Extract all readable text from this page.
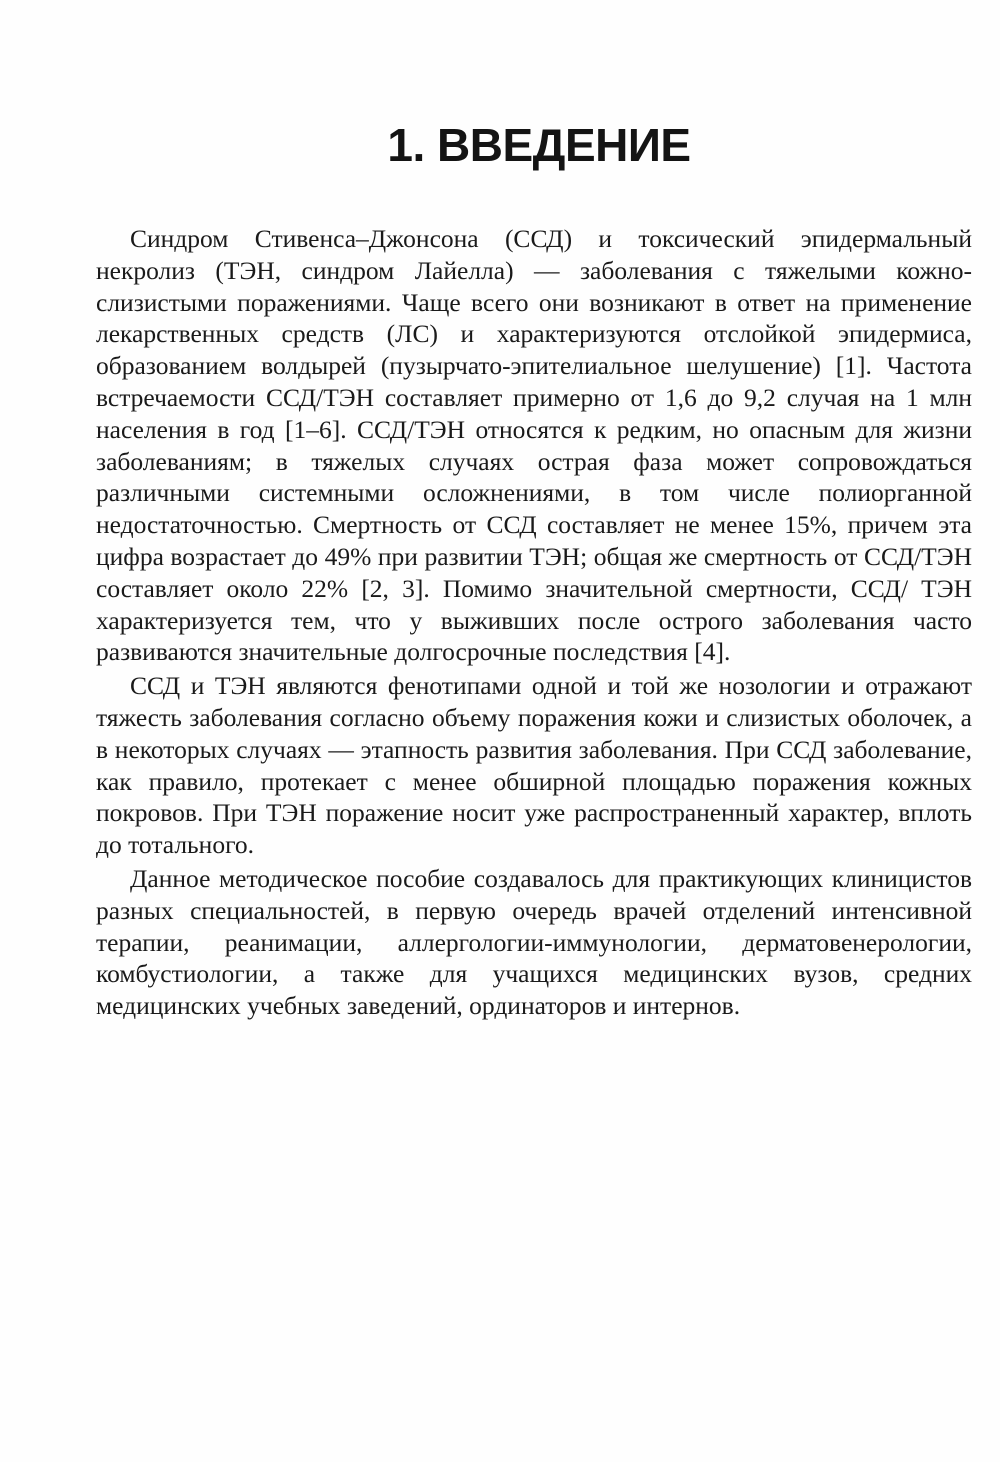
1. ВВЕДЕНИЕ

Синдром Стивенса–Джонсона (ССД) и токсический эпидермальный некролиз (ТЭН, синдром Лайелла) — заболевания с тяжелыми кожно-слизистыми поражениями. Чаще всего они возникают в ответ на применение лекарственных средств (ЛС) и характеризуются отслойкой эпидермиса, образованием волдырей (пузырчато-эпителиальное шелушение) [1]. Частота встречаемости ССД/ТЭН составляет примерно от 1,6 до 9,2 случая на 1 млн населения в год [1–6]. ССД/ТЭН относятся к редким, но опасным для жизни заболеваниям; в тяжелых случаях острая фаза может сопровождаться различными системными осложнениями, в том числе полиорганной недостаточностью. Смертность от ССД составляет не менее 15%, причем эта цифра возрастает до 49% при развитии ТЭН; общая же смертность от ССД/ТЭН составляет около 22% [2, 3]. Помимо значительной смертности, ССД/ ТЭН характеризуется тем, что у выживших после острого заболевания часто развиваются значительные долгосрочные последствия [4].

ССД и ТЭН являются фенотипами одной и той же нозологии и отражают тяжесть заболевания согласно объему поражения кожи и слизистых оболочек, а в некоторых случаях — этапность развития заболевания. При ССД заболевание, как правило, протекает с менее обширной площадью поражения кожных покровов. При ТЭН поражение носит уже распространенный характер, вплоть до тотального.

Данное методическое пособие создавалось для практикующих клиницистов разных специальностей, в первую очередь врачей отделений интенсивной терапии, реанимации, аллергологии-иммунологии, дерматовенерологии, комбустиологии, а также для учащихся медицинских вузов, средних медицинских учебных заведений, ординаторов и интернов.
